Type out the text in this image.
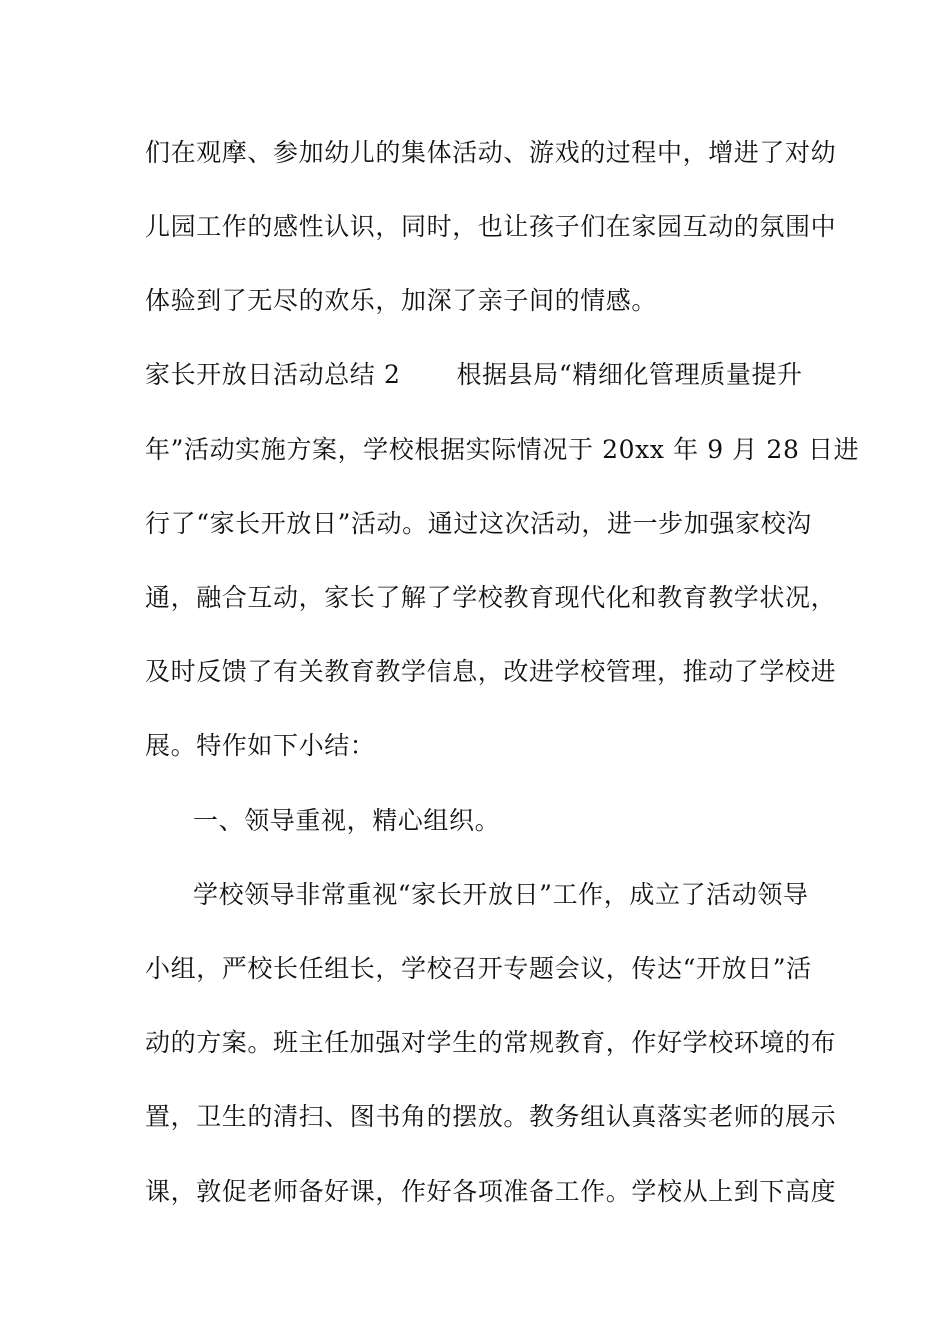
们在观摩、参加幼儿的集体活动、游戏的过程中，增进了对幼
儿园工作的感性认识，同时，也让孩子们在家园互动的氛围中
体验到了无尽的欢乐，加深了亲子间的情感。
家长开放日活动总结 2 根据县局“精细化管理质量提升
年”活动实施方案，学校根据实际情况于 20xx 年 9 月 28 日进
行了“家长开放日”活动。通过这次活动，进一步加强家校沟
通，融合互动，家长了解了学校教育现代化和教育教学状况，
及时反馈了有关教育教学信息，改进学校管理，推动了学校进
展。特作如下小结：
一、领导重视，精心组织。
学校领导非常重视“家长开放日”工作，成立了活动领导
小组，严校长任组长，学校召开专题会议，传达“开放日”活
动的方案。班主任加强对学生的常规教育，作好学校环境的布
置，卫生的清扫、图书角的摆放。教务组认真落实老师的展示
课，敦促老师备好课，作好各项准备工作。学校从上到下高度
